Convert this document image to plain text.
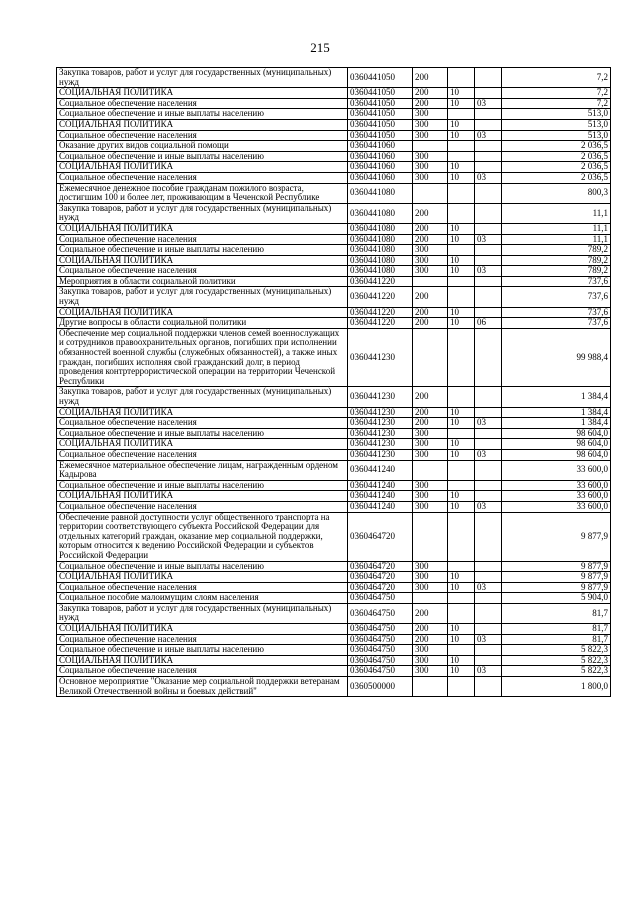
215
Закупка товаров, работ и услуг для государственных (муниципальных) нужд	0360441050	200			7,2
СОЦИАЛЬНАЯ ПОЛИТИКА	0360441050	200	10		7,2
Социальное обеспечение населения	0360441050	200	10	03	7,2
Социальное обеспечение и иные выплаты населению	0360441050	300			513,0
СОЦИАЛЬНАЯ ПОЛИТИКА	0360441050	300	10		513,0
Социальное обеспечение населения	0360441050	300	10	03	513,0
Оказание других видов социальной помощи	0360441060				2 036,5
Социальное обеспечение и иные выплаты населению	0360441060	300			2 036,5
СОЦИАЛЬНАЯ ПОЛИТИКА	0360441060	300	10		2 036,5
Социальное обеспечение населения	0360441060	300	10	03	2 036,5
Ежемесячное денежное пособие гражданам пожилого возраста, достигшим 100 и более лет, проживающим в Чеченской Республике	0360441080				800,3
Закупка товаров, работ и услуг для государственных (муниципальных) нужд	0360441080	200			11,1
СОЦИАЛЬНАЯ ПОЛИТИКА	0360441080	200	10		11,1
Социальное обеспечение населения	0360441080	200	10	03	11,1
Социальное обеспечение и иные выплаты населению	0360441080	300			789,2
СОЦИАЛЬНАЯ ПОЛИТИКА	0360441080	300	10		789,2
Социальное обеспечение населения	0360441080	300	10	03	789,2
Мероприятия в области социальной политики	0360441220				737,6
Закупка товаров, работ и услуг для государственных (муниципальных) нужд	0360441220	200			737,6
СОЦИАЛЬНАЯ ПОЛИТИКА	0360441220	200	10		737,6
Другие вопросы в области социальной политики	0360441220	200	10	06	737,6
Обеспечение мер социальной поддержки членов семей военнослужащих и сотрудников правоохранительных органов, погибших при исполнении обязанностей военной службы (служебных обязанностей), а также иных граждан, погибших исполняя свой гражданский долг, в период проведения контртеррористической операции на территории Чеченской Республики	0360441230				99 988,4
Закупка товаров, работ и услуг для государственных (муниципальных) нужд	0360441230	200			1 384,4
СОЦИАЛЬНАЯ ПОЛИТИКА	0360441230	200	10		1 384,4
Социальное обеспечение населения	0360441230	200	10	03	1 384,4
Социальное обеспечение и иные выплаты населению	0360441230	300			98 604,0
СОЦИАЛЬНАЯ ПОЛИТИКА	0360441230	300	10		98 604,0
Социальное обеспечение населения	0360441230	300	10	03	98 604,0
Ежемесячное материальное обеспечение лицам, награжденным орденом Кадырова	0360441240				33 600,0
Социальное обеспечение и иные выплаты населению	0360441240	300			33 600,0
СОЦИАЛЬНАЯ ПОЛИТИКА	0360441240	300	10		33 600,0
Социальное обеспечение населения	0360441240	300	10	03	33 600,0
Обеспечение равной доступности услуг общественного транспорта на территории соответствующего субъекта Российской Федерации для отдельных категорий граждан, оказание мер социальной поддержки, которым относится к ведению Российской Федерации и субъектов Российской Федерации	0360464720				9 877,9
Социальное обеспечение и иные выплаты населению	0360464720	300			9 877,9
СОЦИАЛЬНАЯ ПОЛИТИКА	0360464720	300	10		9 877,9
Социальное обеспечение населения	0360464720	300	10	03	9 877,9
Социальное пособие малоимущим слоям населения	0360464750				5 904,0
Закупка товаров, работ и услуг для государственных (муниципальных) нужд	0360464750	200			81,7
СОЦИАЛЬНАЯ ПОЛИТИКА	0360464750	200	10		81,7
Социальное обеспечение населения	0360464750	200	10	03	81,7
Социальное обеспечение и иные выплаты населению	0360464750	300			5 822,3
СОЦИАЛЬНАЯ ПОЛИТИКА	0360464750	300	10		5 822,3
Социальное обеспечение населения	0360464750	300	10	03	5 822,3
Основное мероприятие "Оказание мер социальной поддержки ветеранам Великой Отечественной войны и боевых действий"	0360500000				1 800,0
